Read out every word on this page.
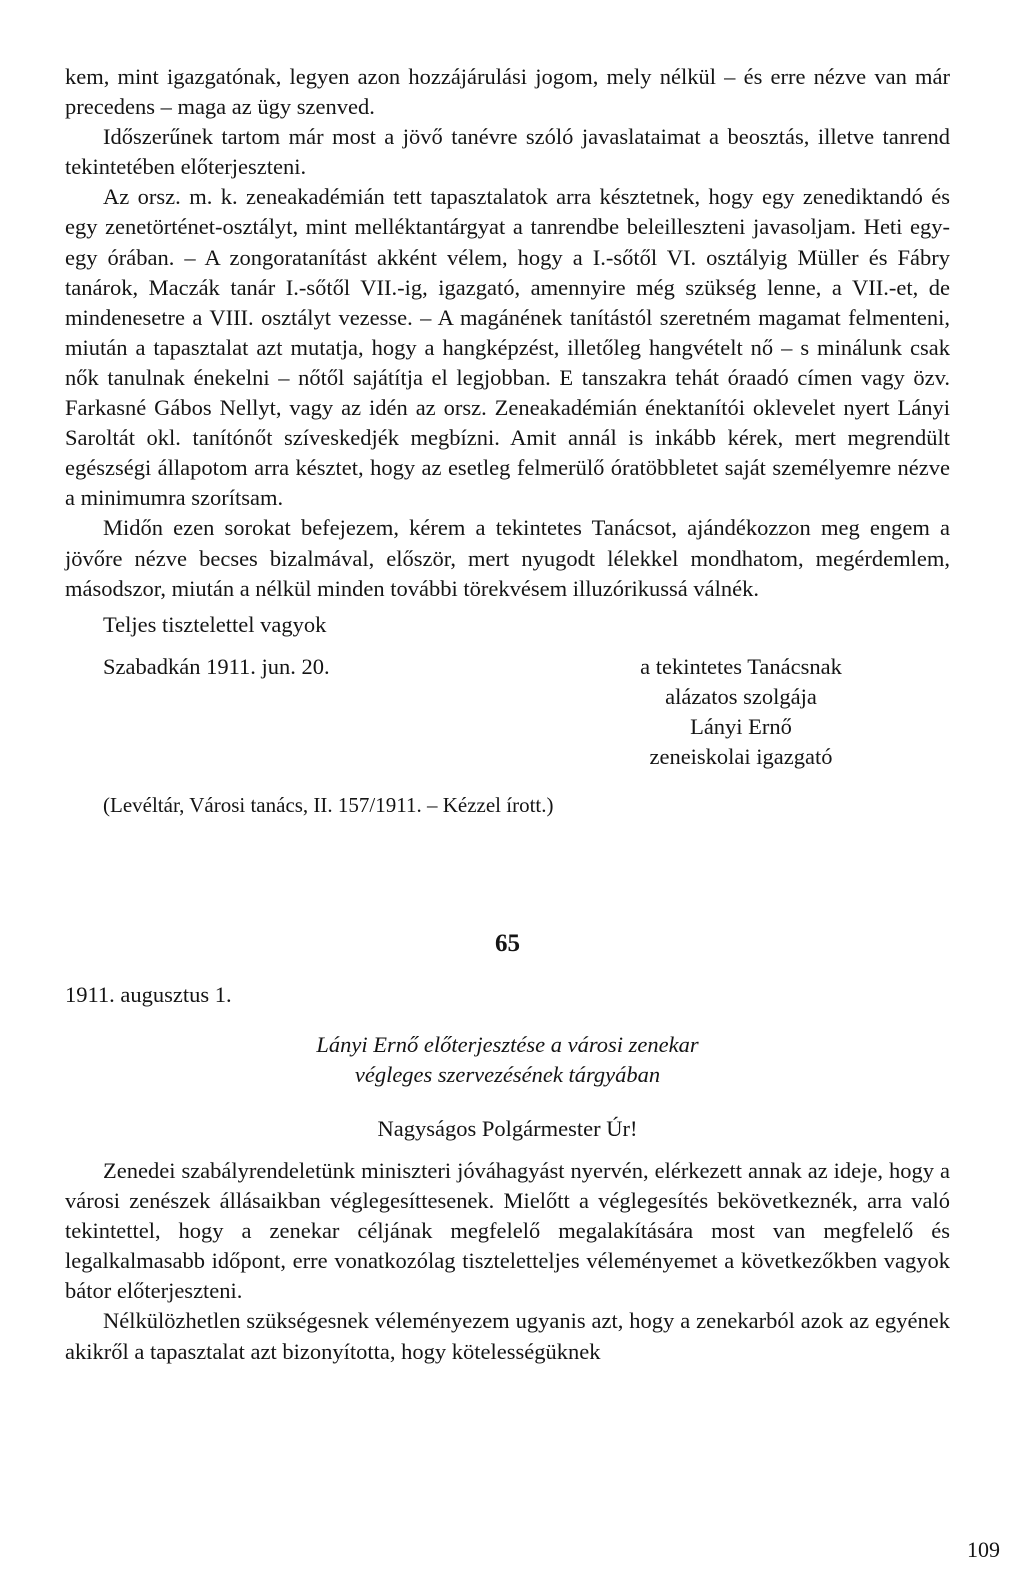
kem, mint igazgatónak, legyen azon hozzájárulási jogom, mely nélkül – és erre nézve van már precedens – maga az ügy szenved.

Időszerűnek tartom már most a jövő tanévre szóló javaslataimat a beosztás, illetve tanrend tekintetében előterjeszteni.

Az orsz. m. k. zeneakadémián tett tapasztalatok arra késztetnek, hogy egy zenediktandó és egy zenetörténet-osztályt, mint melléktantárgyat a tanrendbe beleilleszteni javasoljam. Heti egy-egy órában. – A zongoratanítást akként vélem, hogy a I.-sőtől VI. osztályig Müller és Fábry tanárok, Maczák tanár I.-sőtől VII.-ig, igazgató, amennyire még szükség lenne, a VII.-et, de mindenesetre a VIII. osztályt vezesse. – A magánének tanítástól szeretném magamat felmenteni, miután a tapasztalat azt mutatja, hogy a hangképzést, illetőleg hangvételt nő – s minálunk csak nők tanulnak énekelni – nőtől sajátítja el legjobban. E tanszakra tehát óraadó címen vagy özv. Farkasné Gábos Nellyt, vagy az idén az orsz. Zeneakadémián énektanítói oklevelet nyert Lányi Saroltát okl. tanítónőt szíveskedjék megbízni. Amit annál is inkább kérek, mert megrendült egészségi állapotom arra késztet, hogy az esetleg felmerülő óratöbbletet saját személyemre nézve a minimumra szorítsam.

Midőn ezen sorokat befejezem, kérem a tekintetes Tanácsot, ajándékozzon meg engem a jövőre nézve becses bizalmával, először, mert nyugodt lélekkel mondhatom, megérdemlem, másodszor, miután a nélkül minden további törekvésem illuzórikussá válnék.

Teljes tisztelettel vagyok

Szabadkán 1911. jun. 20.	a tekintetes Tanácsnak
alázatos szolgája
Lányi Ernő
zeneiskolai igazgató
(Levéltár, Városi tanács, II. 157/1911. – Kézzel írott.)
65
1911. augusztus 1.
Lányi Ernő előterjesztése a városi zenekar
végleges szervezésének tárgyában
Nagyságos Polgármester Úr!

Zenedei szabályrendeletünk miniszteri jóváhagyást nyervén, elérkezett annak az ideje, hogy a városi zenészek állásaikban véglegesíttesenek. Mielőtt a véglegesítés bekövetkeznék, arra való tekintettel, hogy a zenekar céljának megfelelő megalakítására most van megfelelő és legalkalmasabb időpont, erre vonatkozólag tiszteletteljes véleményemet a következőkben vagyok bátor előterjeszteni.

Nélkülözhetlen szükségesnek véleményezem ugyanis azt, hogy a zenekarból azok az egyének akikről a tapasztalat azt bizonyította, hogy kötelességüknek

109
